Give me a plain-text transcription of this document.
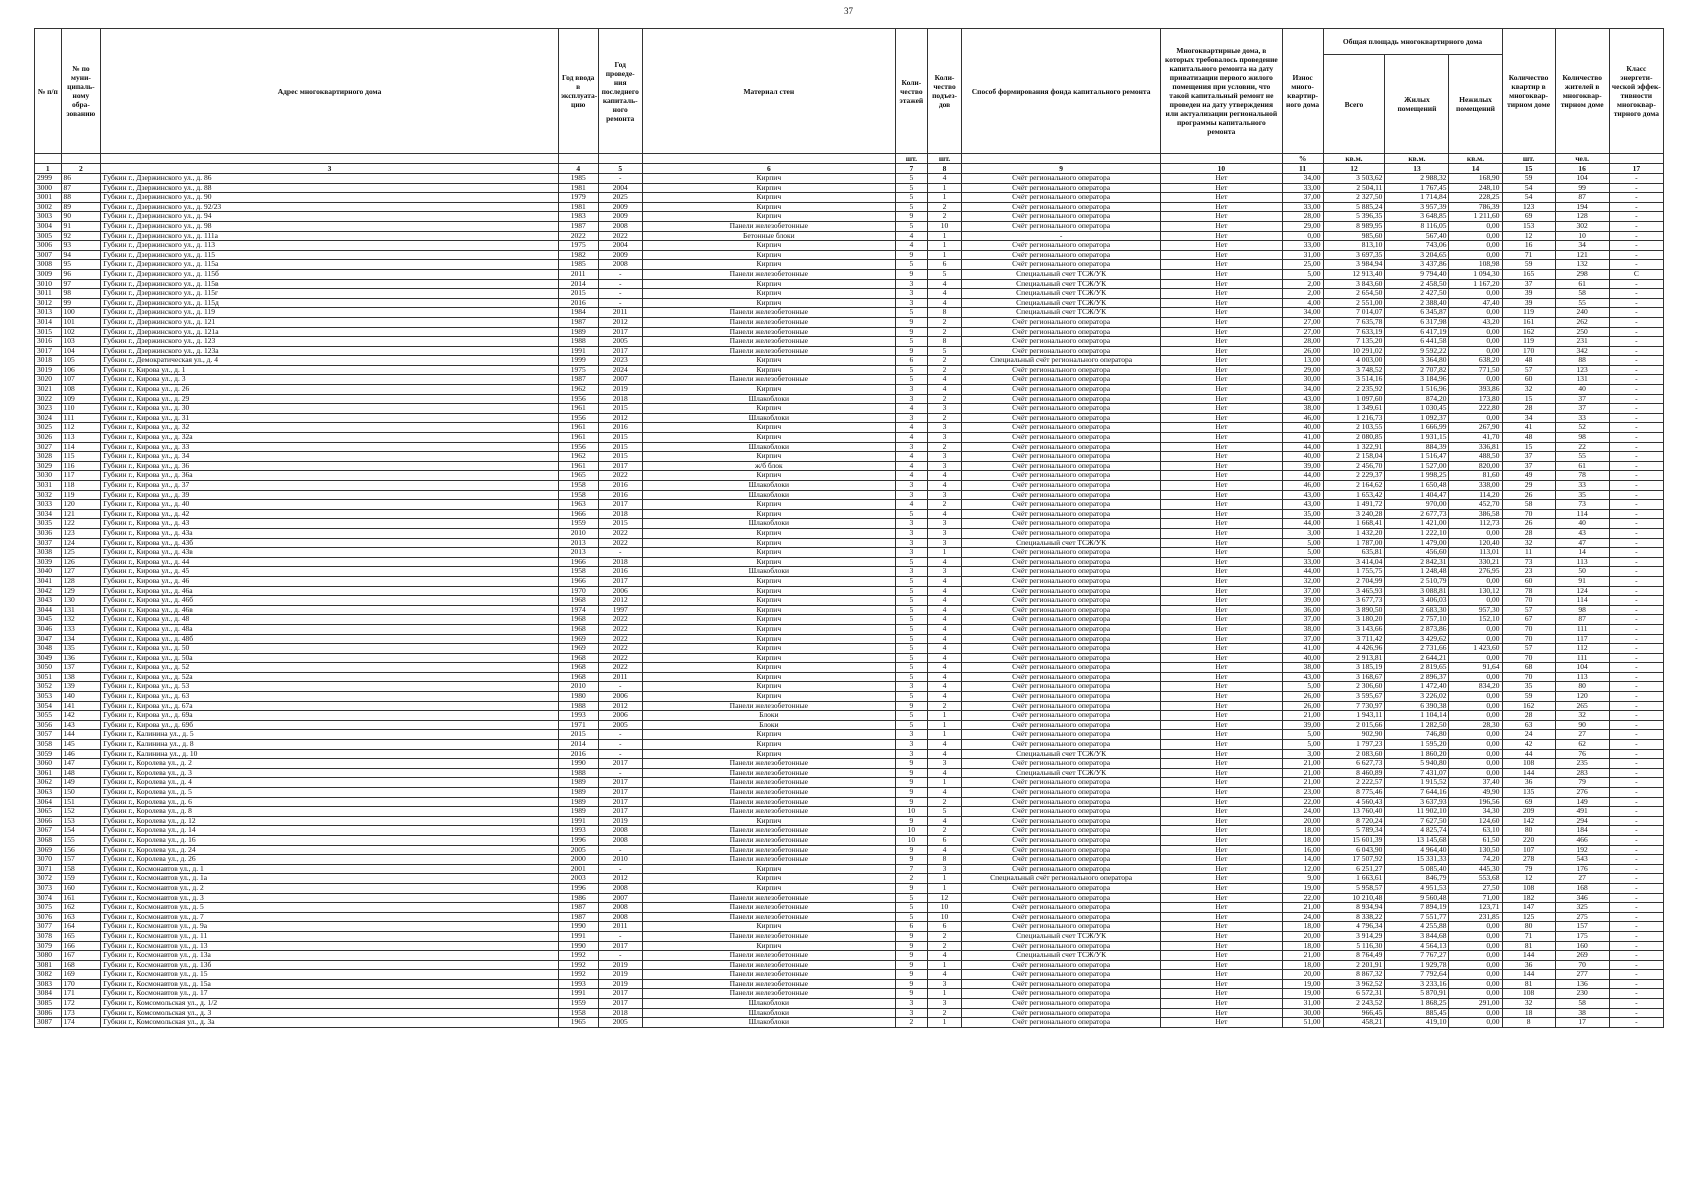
37
№ п/п	№ по муни-ципаль-ному обра-зованию	Адрес многоквартирного дома	Год ввода в эксплуата-цию	Год проведе-ния последнего капиталь-ного ремонта	Материал стен	Коли-чество этажей	Коли-чество подъез-дов	Способ формирования фонда капитального ремонта	Многоквартирные дома, в которых требовалось проведение капитального ремонта на дату приватизации первого жилого помещения при условии, что такой капитальный ремонт не проведен на дату утверждения или актуализации региональной программы капитального ремонта	Износ много-квартир-ного дома	Общая площадь многоквартирного дома			Количество квартир в многоквар-тирном доме	Количество жителей в многоквар-тирном доме	Класс энергети-ческой эффек-тивности многоквар-тирного дома
											Всего	Жилых помещений	Нежилых помещений			
						шт.	шт.			%	кв.м.	кв.м.	кв.м.	шт.	чел.	
1	2	3	4	5	6	7	8	9	10	11	12	13	14	15	16	17
2999	86	Губкин г., Дзержинского ул., д. 86	1985	-	Кирпич	5	4	Счёт регионального оператора	Нет	34,00	3 503,62	2 988,32	168,90	59	104	-
3000	87	Губкин г., Дзержинского ул., д. 88	1981	2004	Кирпич	5	1	Счёт регионального оператора	Нет	33,00	2 504,11	1 767,45	248,10	54	99	-
3001	88	Губкин г., Дзержинского ул., д. 90	1979	2025	Кирпич	5	1	Счёт регионального оператора	Нет	37,00	2 327,50	1 714,84	228,25	54	87	-
3002	89	Губкин г., Дзержинского ул., д. 92/23	1981	2009	Кирпич	5	2	Счёт регионального оператора	Нет	33,00	5 885,24	3 957,39	786,39	123	194	-
3003	90	Губкин г., Дзержинского ул., д. 94	1983	2009	Кирпич	9	2	Счёт регионального оператора	Нет	28,00	5 396,35	3 648,85	1 211,60	69	128	-
3004	91	Губкин г., Дзержинского ул., д. 98	1987	2008	Панели железобетонные	5	10	Счёт регионального оператора	Нет	29,00	8 989,95	8 116,05	0,00	153	302	-
3005	92	Губкин г., Дзержинского ул., д. 111а	2022	2022	Бетонные блоки	4	1	-	Нет	0,00	985,60	567,40	0,00	12	10	-
3006	93	Губкин г., Дзержинского ул., д. 113	1975	2004	Кирпич	4	1	Счёт регионального оператора	Нет	33,00	813,10	743,06	0,00	16	34	-
3007	94	Губкин г., Дзержинского ул., д. 115	1982	2009	Кирпич	9	1	Счёт регионального оператора	Нет	31,00	3 697,35	3 204,65	0,00	71	121	-
3008	95	Губкин г., Дзержинского ул., д. 115а	1985	2008	Кирпич	5	6	Счёт регионального оператора	Нет	25,00	3 984,94	3 437,86	108,98	59	132	-
3009	96	Губкин г., Дзержинского ул., д. 115б	2011	-	Панели железобетонные	9	5	Специальный счет ТСЖ/УК	Нет	5,00	12 913,40	9 794,40	1 094,30	165	298	С
3010	97	Губкин г., Дзержинского ул., д. 115в	2014	-	Кирпич	3	4	Специальный счет ТСЖ/УК	Нет	2,00	3 843,60	2 458,50	1 167,20	37	61	-
3011	98	Губкин г., Дзержинского ул., д. 115г	2015	-	Кирпич	3	4	Специальный счет ТСЖ/УК	Нет	2,00	2 654,50	2 427,50	0,00	39	58	-
3012	99	Губкин г., Дзержинского ул., д. 115д	2016	-	Кирпич	3	4	Специальный счет ТСЖ/УК	Нет	4,00	2 551,00	2 388,40	47,40	39	55	-
3013	100	Губкин г., Дзержинского ул., д. 119	1984	2011	Панели железобетонные	5	8	Специальный счет ТСЖ/УК	Нет	34,00	7 014,07	6 345,87	0,00	119	240	-
3014	101	Губкин г., Дзержинского ул., д. 121	1987	2012	Панели железобетонные	9	2	Счёт регионального оператора	Нет	27,00	7 635,78	6 317,98	43,20	161	262	-
3015	102	Губкин г., Дзержинского ул., д. 121а	1989	2017	Панели железобетонные	9	2	Счёт регионального оператора	Нет	27,00	7 633,19	6 417,19	0,00	162	250	-
3016	103	Губкин г., Дзержинского ул., д. 123	1988	2005	Панели железобетонные	5	8	Счёт регионального оператора	Нет	28,00	7 135,20	6 441,58	0,00	119	231	-
3017	104	Губкин г., Дзержинского ул., д. 123а	1991	2017	Панели железобетонные	9	5	Счёт регионального оператора	Нет	26,00	10 291,02	9 592,22	0,00	170	342	-
3018	105	Губкин г., Демократическая ул., д. 4	1999	2023	Кирпич	6	2	Специальный счёт регионального оператора	Нет	13,00	4 003,00	3 364,80	638,20	48	88	-
3019	106	Губкин г., Кирова ул., д. 1	1975	2024	Кирпич	5	2	Счёт регионального оператора	Нет	29,00	3 748,52	2 707,82	771,50	57	123	-
3020	107	Губкин г., Кирова ул., д. 3	1987	2007	Панели железобетонные	5	4	Счёт регионального оператора	Нет	30,00	3 514,16	3 184,96	0,00	60	131	-
3021	108	Губкин г., Кирова ул., д. 26	1962	2019	Кирпич	3	4	Счёт регионального оператора	Нет	34,00	2 235,92	1 516,96	393,86	32	40	-
3022	109	Губкин г., Кирова ул., д. 29	1956	2018	Шлакоблоки	3	2	Счёт регионального оператора	Нет	43,00	1 097,60	874,20	173,80	15	37	-
3023	110	Губкин г., Кирова ул., д. 30	1961	2015	Кирпич	4	3	Счёт регионального оператора	Нет	38,00	1 349,61	1 030,45	222,80	28	37	-
3024	111	Губкин г., Кирова ул., д. 31	1956	2012	Шлакоблоки	3	2	Счёт регионального оператора	Нет	46,00	1 216,73	1 092,37	0,00	34	33	-
3025	112	Губкин г., Кирова ул., д. 32	1961	2016	Кирпич	4	3	Счёт регионального оператора	Нет	40,00	2 103,55	1 666,99	267,90	41	52	-
3026	113	Губкин г., Кирова ул., д. 32а	1961	2015	Кирпич	4	3	Счёт регионального оператора	Нет	41,00	2 080,85	1 931,15	41,70	48	98	-
3027	114	Губкин г., Кирова ул., д. 33	1956	2015	Шлакоблоки	3	2	Счёт регионального оператора	Нет	44,00	1 322,91	884,39	336,81	15	22	-
3028	115	Губкин г., Кирова ул., д. 34	1962	2015	Кирпич	4	3	Счёт регионального оператора	Нет	40,00	2 158,04	1 516,47	488,50	37	55	-
3029	116	Губкин г., Кирова ул., д. 36	1961	2017	ж/б блок	4	3	Счёт регионального оператора	Нет	39,00	2 456,70	1 527,00	820,00	37	61	-
3030	117	Губкин г., Кирова ул., д. 36а	1965	2022	Кирпич	4	4	Счёт регионального оператора	Нет	44,00	2 229,37	1 998,25	81,60	49	78	-
3031	118	Губкин г., Кирова ул., д. 37	1958	2016	Шлакоблоки	3	4	Счёт регионального оператора	Нет	46,00	2 164,62	1 650,48	338,00	29	33	-
3032	119	Губкин г., Кирова ул., д. 39	1958	2016	Шлакоблоки	3	3	Счёт регионального оператора	Нет	43,00	1 653,42	1 404,47	114,20	26	35	-
3033	120	Губкин г., Кирова ул., д. 40	1963	2017	Кирпич	4	2	Счёт регионального оператора	Нет	43,00	1 491,72	970,00	452,70	58	73	-
3034	121	Губкин г., Кирова ул., д. 42	1966	2018	Кирпич	5	4	Счёт регионального оператора	Нет	35,00	3 240,28	2 677,73	386,58	70	114	-
3035	122	Губкин г., Кирова ул., д. 43	1959	2015	Шлакоблоки	3	3	Счёт регионального оператора	Нет	44,00	1 668,41	1 421,00	112,73	26	40	-
3036	123	Губкин г., Кирова ул., д. 43а	2010	2022	Кирпич	3	3	Счёт регионального оператора	Нет	3,00	1 432,20	1 222,10	0,00	28	43	-
3037	124	Губкин г., Кирова ул., д. 43б	2013	2022	Кирпич	3	3	Специальный счет ТСЖ/УК	Нет	5,00	1 787,00	1 479,00	120,40	32	47	-
3038	125	Губкин г., Кирова ул., д. 43в	2013	-	Кирпич	3	1	Счёт регионального оператора	Нет	5,00	635,81	456,60	113,01	11	14	-
3039	126	Губкин г., Кирова ул., д. 44	1966	2018	Кирпич	5	4	Счёт регионального оператора	Нет	33,00	3 414,04	2 842,31	330,21	73	113	-
3040	127	Губкин г., Кирова ул., д. 45	1958	2016	Шлакоблоки	3	3	Счёт регионального оператора	Нет	44,00	1 755,75	1 248,48	276,95	23	50	-
3041	128	Губкин г., Кирова ул., д. 46	1966	2017	Кирпич	5	4	Счёт регионального оператора	Нет	32,00	2 704,99	2 510,79	0,00	60	91	-
3042	129	Губкин г., Кирова ул., д. 46а	1970	2006	Кирпич	5	4	Счёт регионального оператора	Нет	37,00	3 465,93	3 088,81	130,12	78	124	-
3043	130	Губкин г., Кирова ул., д. 46б	1968	2012	Кирпич	5	4	Счёт регионального оператора	Нет	39,00	3 677,73	3 406,03	0,00	70	114	-
3044	131	Губкин г., Кирова ул., д. 46в	1974	1997	Кирпич	5	4	Счёт регионального оператора	Нет	36,00	3 890,50	2 683,30	957,30	57	98	-
3045	132	Губкин г., Кирова ул., д. 48	1968	2022	Кирпич	5	4	Счёт регионального оператора	Нет	37,00	3 180,20	2 757,10	152,10	67	87	-
3046	133	Губкин г., Кирова ул., д. 48а	1968	2022	Кирпич	5	4	Счёт регионального оператора	Нет	38,00	3 143,66	2 873,86	0,00	70	111	-
3047	134	Губкин г., Кирова ул., д. 48б	1969	2022	Кирпич	5	4	Счёт регионального оператора	Нет	37,00	3 711,42	3 429,62	0,00	70	117	-
3048	135	Губкин г., Кирова ул., д. 50	1969	2022	Кирпич	5	4	Счёт регионального оператора	Нет	41,00	4 426,96	2 731,66	1 423,60	57	112	-
3049	136	Губкин г., Кирова ул., д. 50а	1968	2022	Кирпич	5	4	Счёт регионального оператора	Нет	40,00	2 913,81	2 644,21	0,00	70	111	-
3050	137	Губкин г., Кирова ул., д. 52	1968	2022	Кирпич	5	4	Счёт регионального оператора	Нет	38,00	3 185,19	2 819,65	91,64	68	104	-
3051	138	Губкин г., Кирова ул., д. 52а	1968	2011	Кирпич	5	4	Счёт регионального оператора	Нет	43,00	3 168,67	2 896,37	0,00	70	113	-
3052	139	Губкин г., Кирова ул., д. 53	2010	-	Кирпич	3	4	Счёт регионального оператора	Нет	5,00	2 306,60	1 472,40	834,20	35	80	-
3053	140	Губкин г., Кирова ул., д. 63	1980	2006	Кирпич	5	4	Счёт регионального оператора	Нет	26,00	3 595,67	3 226,02	0,00	59	120	-
3054	141	Губкин г., Кирова ул., д. 67а	1988	2012	Панели железобетонные	9	2	Счёт регионального оператора	Нет	26,00	7 730,97	6 390,38	0,00	162	265	-
3055	142	Губкин г., Кирова ул., д. 69а	1993	2006	Блоки	5	1	Счёт регионального оператора	Нет	21,00	1 943,11	1 104,14	0,00	28	32	-
3056	143	Губкин г., Кирова ул., д. 69б	1971	2005	Блоки	5	1	Счёт регионального оператора	Нет	39,00	2 015,66	1 282,50	28,30	63	90	-
3057	144	Губкин г., Калинина ул., д. 5	2015	-	Кирпич	3	1	Счёт регионального оператора	Нет	5,00	902,90	746,80	0,00	24	27	-
3058	145	Губкин г., Калинина ул., д. 8	2014	-	Кирпич	3	4	Счёт регионального оператора	Нет	5,00	1 797,23	1 595,20	0,00	42	62	-
3059	146	Губкин г., Калинина ул., д. 10	2016	-	Кирпич	3	4	Специальный счет ТСЖ/УК	Нет	3,00	2 083,60	1 860,20	0,00	44	76	-
3060	147	Губкин г., Королева ул., д. 2	1990	2017	Панели железобетонные	9	3	Счёт регионального оператора	Нет	21,00	6 627,73	5 940,80	0,00	108	235	-
3061	148	Губкин г., Королева ул., д. 3	1988	-	Панели железобетонные	9	4	Специальный счет ТСЖ/УК	Нет	21,00	8 460,89	7 431,07	0,00	144	283	-
3062	149	Губкин г., Королева ул., д. 4	1989	2017	Панели железобетонные	9	1	Счёт регионального оператора	Нет	21,00	2 222,57	1 915,52	37,40	36	79	-
3063	150	Губкин г., Королева ул., д. 5	1989	2017	Панели железобетонные	9	4	Счёт регионального оператора	Нет	23,00	8 775,46	7 644,16	49,90	135	276	-
3064	151	Губкин г., Королева ул., д. 6	1989	2017	Панели железобетонные	9	2	Счёт регионального оператора	Нет	22,00	4 560,43	3 637,93	196,56	69	149	-
3065	152	Губкин г., Королева ул., д. 8	1989	2017	Панели железобетонные	10	5	Счёт регионального оператора	Нет	24,00	13 760,40	11 902,10	34,30	209	491	-
3066	153	Губкин г., Королева ул., д. 12	1991	2019	Кирпич	9	4	Счёт регионального оператора	Нет	20,00	8 720,24	7 627,50	124,60	142	294	-
3067	154	Губкин г., Королева ул., д. 14	1993	2008	Панели железобетонные	10	2	Счёт регионального оператора	Нет	18,00	5 789,34	4 825,74	63,10	80	184	-
3068	155	Губкин г., Королева ул., д. 16	1996	2008	Панели железобетонные	10	6	Счёт регионального оператора	Нет	18,00	15 601,39	13 145,68	61,50	220	466	-
3069	156	Губкин г., Королева ул., д. 24	2005	-	Панели железобетонные	9	4	Счёт регионального оператора	Нет	16,00	6 043,90	4 964,40	130,50	107	192	-
3070	157	Губкин г., Королева ул., д. 26	2000	2010	Панели железобетонные	9	8	Счёт регионального оператора	Нет	14,00	17 507,92	15 331,33	74,20	278	543	-
3071	158	Губкин г., Космонавтов ул., д. 1	2001	-	Кирпич	7	3	Счёт регионального оператора	Нет	12,00	6 251,27	5 085,40	445,30	79	176	-
3072	159	Губкин г., Космонавтов ул., д. 1а	2003	2012	Кирпич	2	1	Специальный счёт регионального оператора	Нет	9,00	1 663,61	846,79	553,68	12	27	-
3073	160	Губкин г., Космонавтов ул., д. 2	1996	2008	Кирпич	9	1	Счёт регионального оператора	Нет	19,00	5 958,57	4 951,53	27,50	108	168	-
3074	161	Губкин г., Космонавтов ул., д. 3	1986	2007	Панели железобетонные	5	12	Счёт регионального оператора	Нет	22,00	10 210,48	9 560,48	71,00	182	346	-
3075	162	Губкин г., Космонавтов ул., д. 5	1987	2008	Панели железобетонные	5	10	Счёт регионального оператора	Нет	21,00	8 934,94	7 894,19	123,71	147	325	-
3076	163	Губкин г., Космонавтов ул., д. 7	1987	2008	Панели железобетонные	5	10	Счёт регионального оператора	Нет	24,00	8 338,22	7 551,77	231,85	125	275	-
3077	164	Губкин г., Космонавтов ул., д. 9а	1990	2011	Кирпич	6	6	Счёт регионального оператора	Нет	18,00	4 796,34	4 255,88	0,00	80	157	-
3078	165	Губкин г., Космонавтов ул., д. 11	1991	-	Панели железобетонные	9	2	Специальный счет ТСЖ/УК	Нет	20,00	3 914,29	3 844,68	0,00	71	175	-
3079	166	Губкин г., Космонавтов ул., д. 13	1990	2017	Кирпич	9	2	Счёт регионального оператора	Нет	18,00	5 116,30	4 564,13	0,00	81	160	-
3080	167	Губкин г., Космонавтов ул., д. 13а	1992	-	Панели железобетонные	9	4	Специальный счет ТСЖ/УК	Нет	21,00	8 764,49	7 767,27	0,00	144	269	-
3081	168	Губкин г., Космонавтов ул., д. 13б	1992	2019	Панели железобетонные	9	1	Счёт регионального оператора	Нет	18,00	2 201,91	1 929,78	0,00	36	70	-
3082	169	Губкин г., Космонавтов ул., д. 15	1992	2019	Панели железобетонные	9	4	Счёт регионального оператора	Нет	20,00	8 867,32	7 792,64	0,00	144	277	-
3083	170	Губкин г., Космонавтов ул., д. 15а	1993	2019	Панели железобетонные	9	3	Счёт регионального оператора	Нет	19,00	3 962,52	3 233,16	0,00	81	136	-
3084	171	Губкин г., Космонавтов ул., д. 17	1991	2017	Панели железобетонные	9	1	Счёт регионального оператора	Нет	19,00	6 572,31	5 870,91	0,00	108	230	-
3085	172	Губкин г., Комсомольская ул., д. 1/2	1959	2017	Шлакоблоки	3	3	Счёт регионального оператора	Нет	31,00	2 243,52	1 868,25	291,00	32	58	-
3086	173	Губкин г., Комсомольская ул., д. 3	1958	2018	Шлакоблоки	3	2	Счёт регионального оператора	Нет	30,00	966,45	885,45	0,00	18	38	-
3087	174	Губкин г., Комсомольская ул., д. 3а	1965	2005	Шлакоблоки	2	1	Счёт регионального оператора	Нет	51,00	458,21	419,10	0,00	8	17	-
